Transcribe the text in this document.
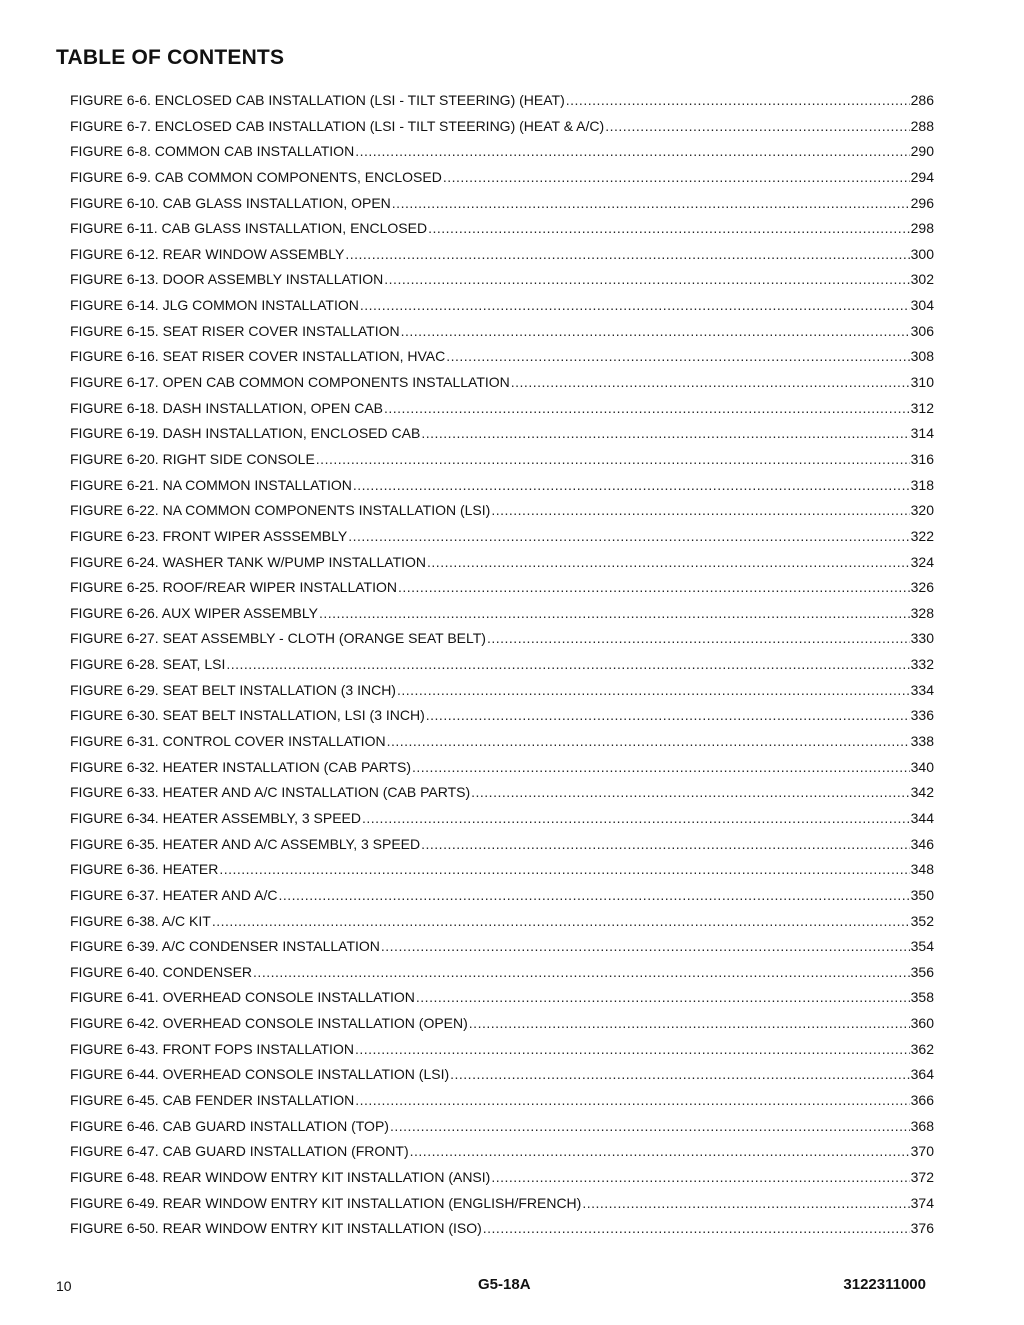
TABLE OF CONTENTS
FIGURE 6-6. ENCLOSED CAB INSTALLATION (LSI - TILT STEERING) (HEAT) .....	286
FIGURE 6-7. ENCLOSED CAB INSTALLATION (LSI - TILT STEERING) (HEAT & A/C) .....	288
FIGURE 6-8. COMMON CAB INSTALLATION .....	290
FIGURE 6-9. CAB COMMON COMPONENTS, ENCLOSED .....	294
FIGURE 6-10. CAB GLASS INSTALLATION, OPEN .....	296
FIGURE 6-11. CAB GLASS INSTALLATION, ENCLOSED .....	298
FIGURE 6-12. REAR WINDOW ASSEMBLY .....	300
FIGURE 6-13. DOOR ASSEMBLY INSTALLATION .....	302
FIGURE 6-14. JLG COMMON INSTALLATION .....	304
FIGURE 6-15. SEAT RISER COVER INSTALLATION .....	306
FIGURE 6-16. SEAT RISER COVER INSTALLATION, HVAC .....	308
FIGURE 6-17. OPEN CAB COMMON COMPONENTS INSTALLATION .....	310
FIGURE 6-18. DASH INSTALLATION, OPEN CAB .....	312
FIGURE 6-19. DASH INSTALLATION, ENCLOSED CAB .....	314
FIGURE 6-20. RIGHT SIDE CONSOLE .....	316
FIGURE 6-21. NA COMMON INSTALLATION .....	318
FIGURE 6-22. NA COMMON COMPONENTS INSTALLATION (LSI) .....	320
FIGURE 6-23. FRONT WIPER ASSSEMBLY .....	322
FIGURE 6-24. WASHER TANK W/PUMP INSTALLATION .....	324
FIGURE 6-25. ROOF/REAR WIPER INSTALLATION .....	326
FIGURE 6-26. AUX WIPER ASSEMBLY .....	328
FIGURE 6-27. SEAT ASSEMBLY - CLOTH (ORANGE SEAT BELT) .....	330
FIGURE 6-28. SEAT, LSI .....	332
FIGURE 6-29. SEAT BELT INSTALLATION (3 INCH) .....	334
FIGURE 6-30. SEAT BELT INSTALLATION, LSI (3 INCH) .....	336
FIGURE 6-31. CONTROL COVER INSTALLATION .....	338
FIGURE 6-32. HEATER INSTALLATION (CAB PARTS) .....	340
FIGURE 6-33. HEATER AND A/C INSTALLATION (CAB PARTS) .....	342
FIGURE 6-34. HEATER ASSEMBLY, 3 SPEED .....	344
FIGURE 6-35. HEATER AND A/C ASSEMBLY, 3 SPEED .....	346
FIGURE 6-36. HEATER .....	348
FIGURE 6-37. HEATER AND A/C .....	350
FIGURE 6-38. A/C KIT .....	352
FIGURE 6-39. A/C CONDENSER INSTALLATION .....	354
FIGURE 6-40. CONDENSER .....	356
FIGURE 6-41. OVERHEAD CONSOLE INSTALLATION .....	358
FIGURE 6-42. OVERHEAD CONSOLE INSTALLATION (OPEN) .....	360
FIGURE 6-43. FRONT FOPS INSTALLATION .....	362
FIGURE 6-44. OVERHEAD CONSOLE INSTALLATION (LSI) .....	364
FIGURE 6-45. CAB FENDER INSTALLATION .....	366
FIGURE 6-46. CAB GUARD INSTALLATION (TOP) .....	368
FIGURE 6-47. CAB GUARD INSTALLATION (FRONT) .....	370
FIGURE 6-48. REAR WINDOW ENTRY KIT INSTALLATION (ANSI) .....	372
FIGURE 6-49. REAR WINDOW ENTRY KIT INSTALLATION (ENGLISH/FRENCH) .....	374
FIGURE 6-50. REAR WINDOW ENTRY KIT INSTALLATION (ISO) .....	376
10	G5-18A	3122311000
